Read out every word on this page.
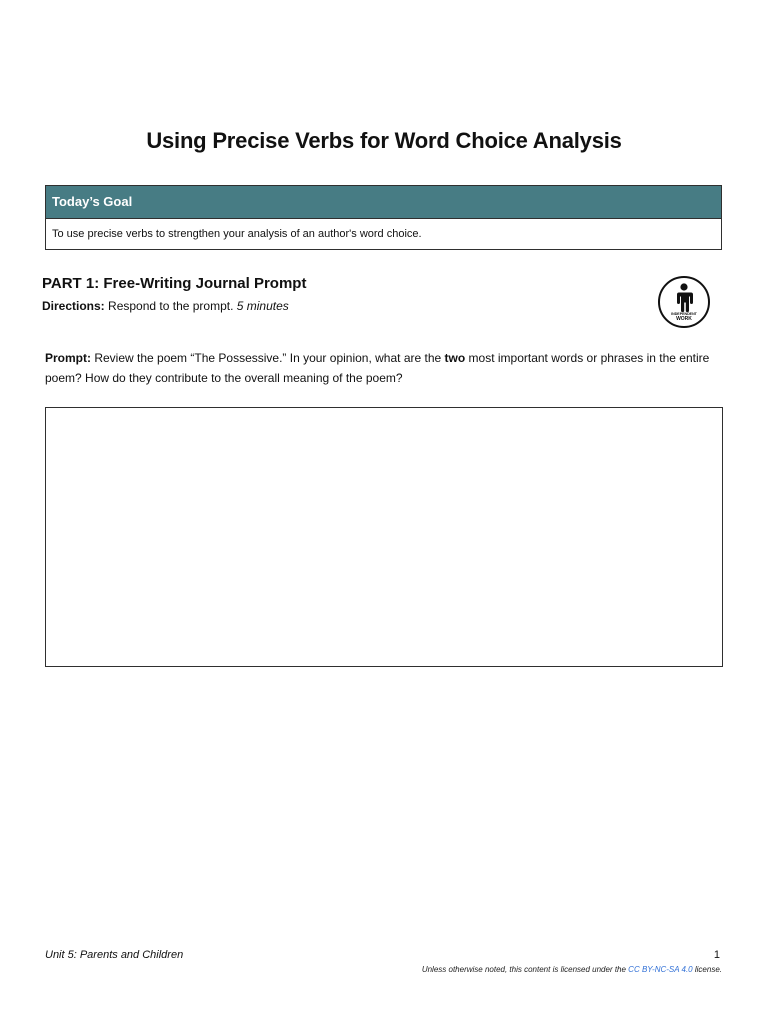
Using Precise Verbs for Word Choice Analysis
Today’s Goal
To use precise verbs to strengthen your analysis of an author's word choice.
PART 1: Free-Writing Journal Prompt
Directions: Respond to the prompt. 5 minutes
INDEPENDENT
WORK
Prompt: Review the poem “The Possessive.” In your opinion, what are the two most important words or phrases in the entire poem? How do they contribute to the overall meaning of the poem?
Unit 5: Parents and Children	1
Unless otherwise noted, this content is licensed under the CC BY-NC-SA 4.0 license.
